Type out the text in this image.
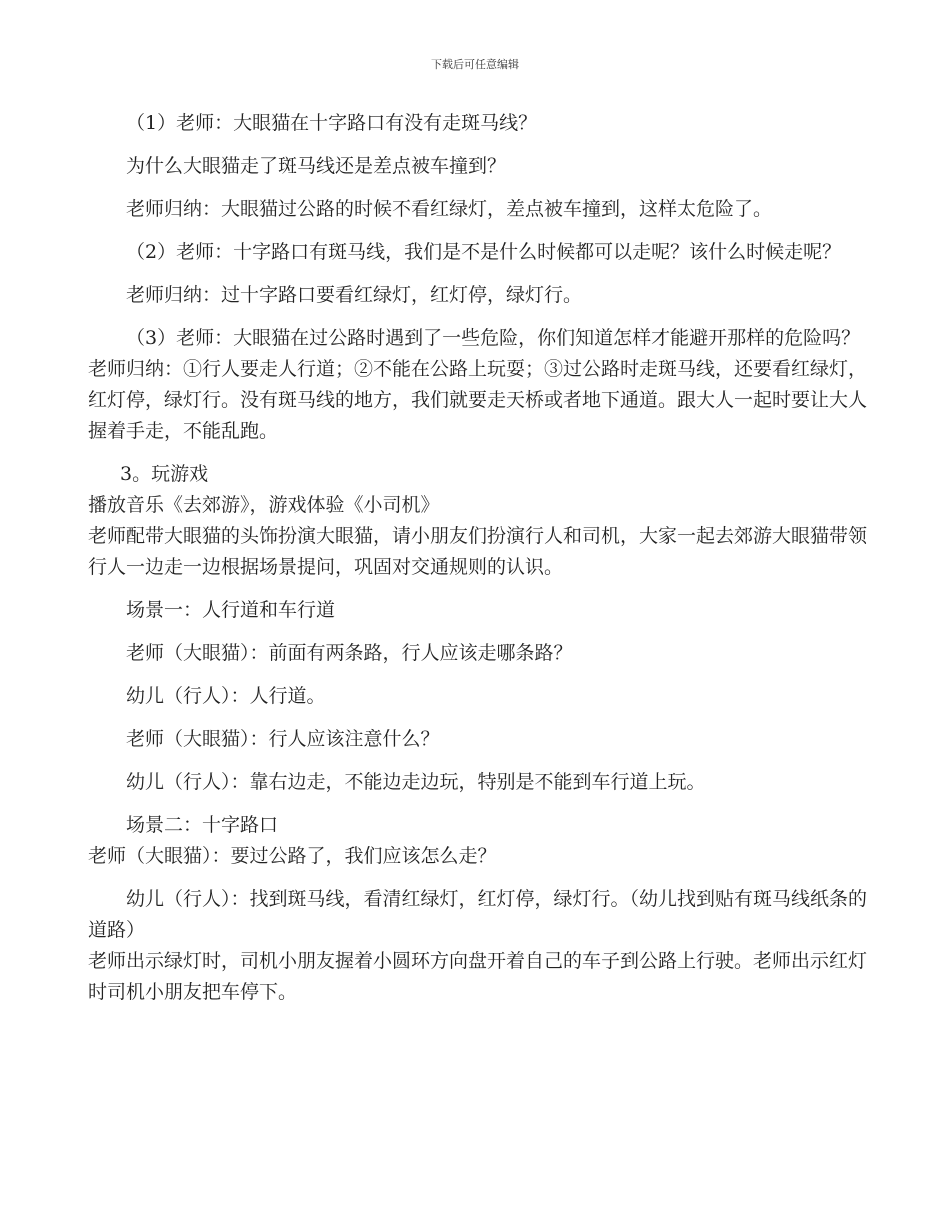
下载后可任意编辑

（1）老师：大眼猫在十字路口有没有走斑马线？

为什么大眼猫走了斑马线还是差点被车撞到？

老师归纳：大眼猫过公路的时候不看红绿灯，差点被车撞到，这样太危险了。

（2）老师：十字路口有斑马线，我们是不是什么时候都可以走呢？该什么时候走呢？

老师归纳：过十字路口要看红绿灯，红灯停，绿灯行。

（3）老师：大眼猫在过公路时遇到了一些危险，你们知道怎样才能避开那样的危险吗？老师归纳：①行人要走人行道；②不能在公路上玩耍；③过公路时走斑马线，还要看红绿灯，红灯停，绿灯行。没有斑马线的地方，我们就要走天桥或者地下通道。跟大人一起时要让大人握着手走，不能乱跑。

3。玩游戏

播放音乐《去郊游》，游戏体验《小司机》

老师配带大眼猫的头饰扮演大眼猫，请小朋友们扮演行人和司机，大家一起去郊游大眼猫带领行人一边走一边根据场景提问，巩固对交通规则的认识。

场景一：人行道和车行道

老师（大眼猫）：前面有两条路，行人应该走哪条路？

幼儿（行人）：人行道。

老师（大眼猫）：行人应该注意什么？

幼儿（行人）：靠右边走，不能边走边玩，特别是不能到车行道上玩。

场景二：十字路口

老师（大眼猫）：要过公路了，我们应该怎么走？

幼儿（行人）：找到斑马线，看清红绿灯，红灯停，绿灯行。（幼儿找到贴有斑马线纸条的道路）

老师出示绿灯时，司机小朋友握着小圆环方向盘开着自己的车子到公路上行驶。老师出示红灯时司机小朋友把车停下。
